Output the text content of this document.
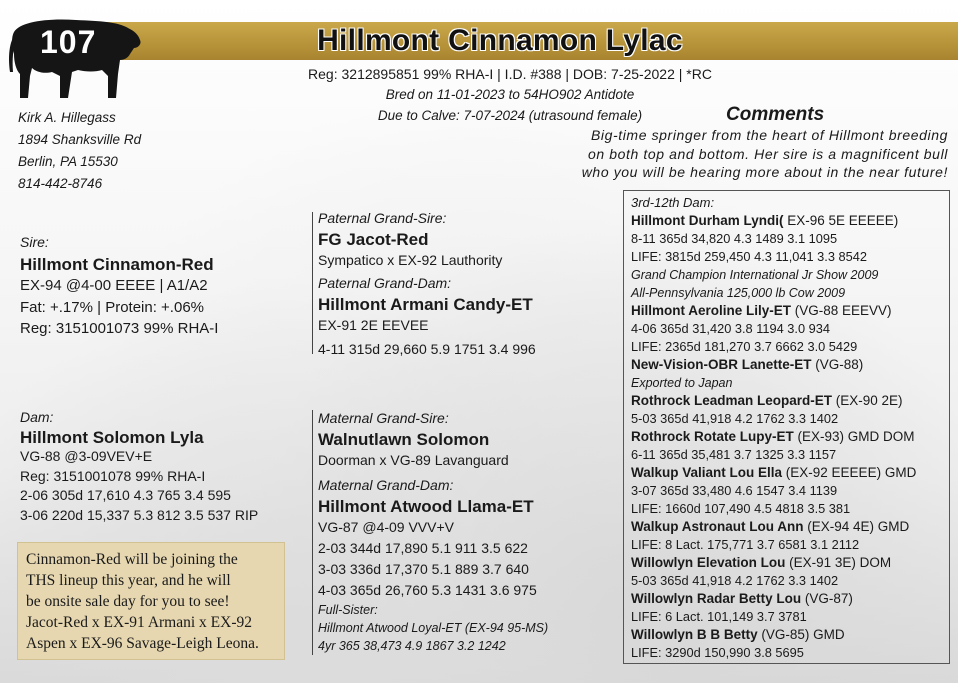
Hillmont Cinnamon Lylac
107
Reg: 3212895851 99% RHA-I | I.D. #388 | DOB: 7-25-2022 | *RC
Bred on 11-01-2023 to 54HO902 Antidote
Due to Calve: 7-07-2024 (utrasound female)
Kirk A. Hillegass
1894 Shanksville Rd
Berlin, PA 15530
814-442-8746
Comments
Big-time springer from the heart of Hillmont breeding
on both top and bottom. Her sire is a magnificent bull
who you will be hearing more about in the near future!
Sire:
Hillmont Cinnamon-Red
EX-94 @4-00 EEEE | A1/A2
Fat: +.17% | Protein: +.06%
Reg: 3151001073 99% RHA-I
Dam:
Hillmont Solomon Lyla
VG-88 @3-09VEV+E
Reg: 3151001078 99% RHA-I
2-06 305d 17,610 4.3 765 3.4 595
3-06 220d 15,337 5.3 812 3.5 537 RIP
Paternal Grand-Sire:
FG Jacot-Red
Sympatico x EX-92 Lauthority
Paternal Grand-Dam:
Hillmont Armani Candy-ET
EX-91 2E EEVEE
4-11 315d 29,660 5.9 1751 3.4 996
Maternal Grand-Sire:
Walnutlawn Solomon
Doorman x VG-89 Lavanguard
Maternal Grand-Dam:
Hillmont Atwood Llama-ET
VG-87 @4-09 VVV+V
2-03 344d 17,890 5.1 911 3.5 622
3-03 336d 17,370 5.1 889 3.7 640
4-03 365d 26,760 5.3 1431 3.6 975
Full-Sister:
Hillmont Atwood Loyal-ET (EX-94 95-MS)
4yr 365 38,473 4.9 1867 3.2 1242
Cinnamon-Red will be joining the
THS lineup this year, and he will
be onsite sale day for you to see!
Jacot-Red x EX-91 Armani x EX-92
Aspen x EX-96 Savage-Leigh Leona.
3rd-12th Dam:
Hillmont Durham Lyndi( EX-96 5E EEEEE)
8-11 365d 34,820 4.3 1489 3.1 1095
LIFE: 3815d 259,450 4.3 11,041 3.3 8542
Grand Champion International Jr Show 2009
All-Pennsylvania 125,000 lb Cow 2009
Hillmont Aeroline Lily-ET (VG-88 EEEVV)
4-06 365d 31,420 3.8 1194 3.0 934
LIFE: 2365d 181,270 3.7 6662 3.0 5429
New-Vision-OBR Lanette-ET (VG-88)
Exported to Japan
Rothrock Leadman Leopard-ET (EX-90 2E)
5-03 365d 41,918 4.2 1762 3.3 1402
Rothrock Rotate Lupy-ET (EX-93) GMD DOM
6-11 365d 35,481 3.7 1325 3.3 1157
Walkup Valiant Lou Ella (EX-92 EEEEE) GMD
3-07 365d 33,480 4.6 1547 3.4 1139
LIFE: 1660d 107,490 4.5 4818 3.5 381
Walkup Astronaut Lou Ann (EX-94 4E) GMD
LIFE: 8 Lact. 175,771 3.7 6581 3.1 2112
Willowlyn Elevation Lou (EX-91 3E) DOM
5-03 365d 41,918 4.2 1762 3.3 1402
Willowlyn Radar Betty Lou (VG-87)
LIFE: 6 Lact. 101,149 3.7 3781
Willowlyn B B Betty (VG-85) GMD
LIFE: 3290d 150,990 3.8 5695
